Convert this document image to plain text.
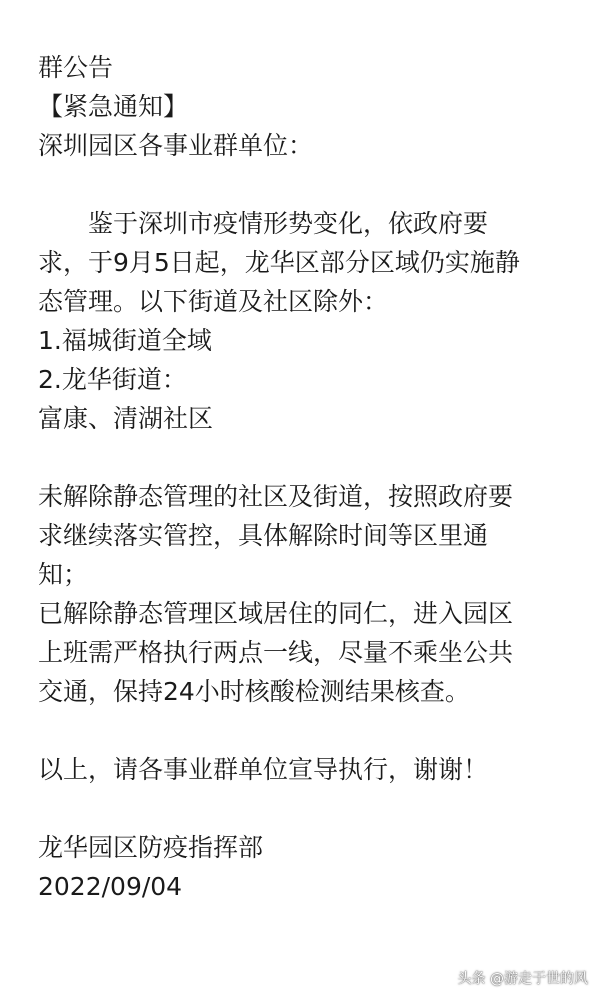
群公告
【紧急通知】
深圳园区各事业群单位：
鉴于深圳市疫情形势变化，依政府要
求，于9月5日起，龙华区部分区域仍实施静
态管理。以下街道及社区除外：
1.福城街道全域
2.龙华街道：
富康、清湖社区
未解除静态管理的社区及街道，按照政府要
求继续落实管控，具体解除时间等区里通
知；
已解除静态管理区域居住的同仁，进入园区
上班需严格执行两点一线，尽量不乘坐公共
交通，保持24小时核酸检测结果核查。
以上，请各事业群单位宣导执行，谢谢！
龙华园区防疫指挥部
2022/09/04
头条 @游走于世的风
